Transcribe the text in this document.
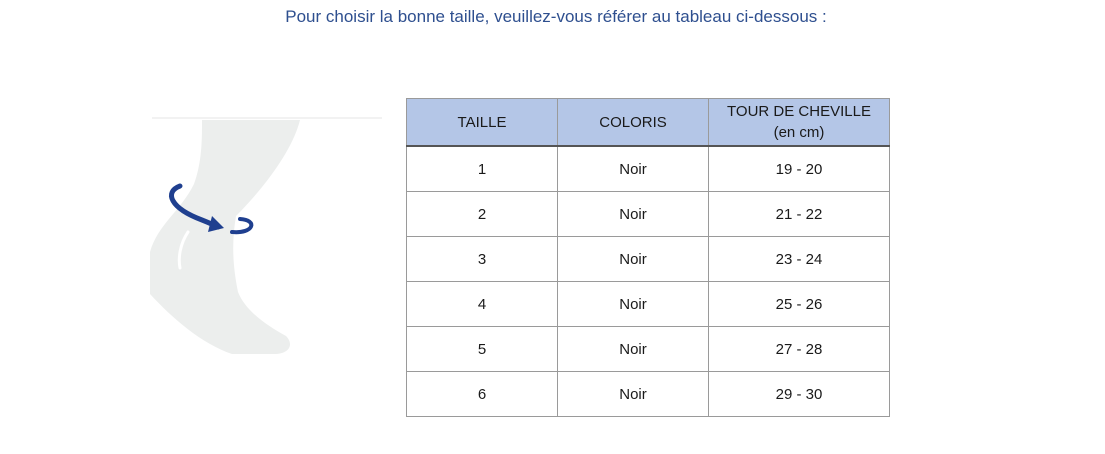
Pour choisir la bonne taille, veuillez-vous référer au tableau ci-dessous :
TAILLE	COLORIS	TOUR DE CHEVILLE
(en cm)

1	Noir	19 - 20
2	Noir	21 - 22
3	Noir	23 - 24
4	Noir	25 - 26
5	Noir	27 - 28
6	Noir	29 - 30
